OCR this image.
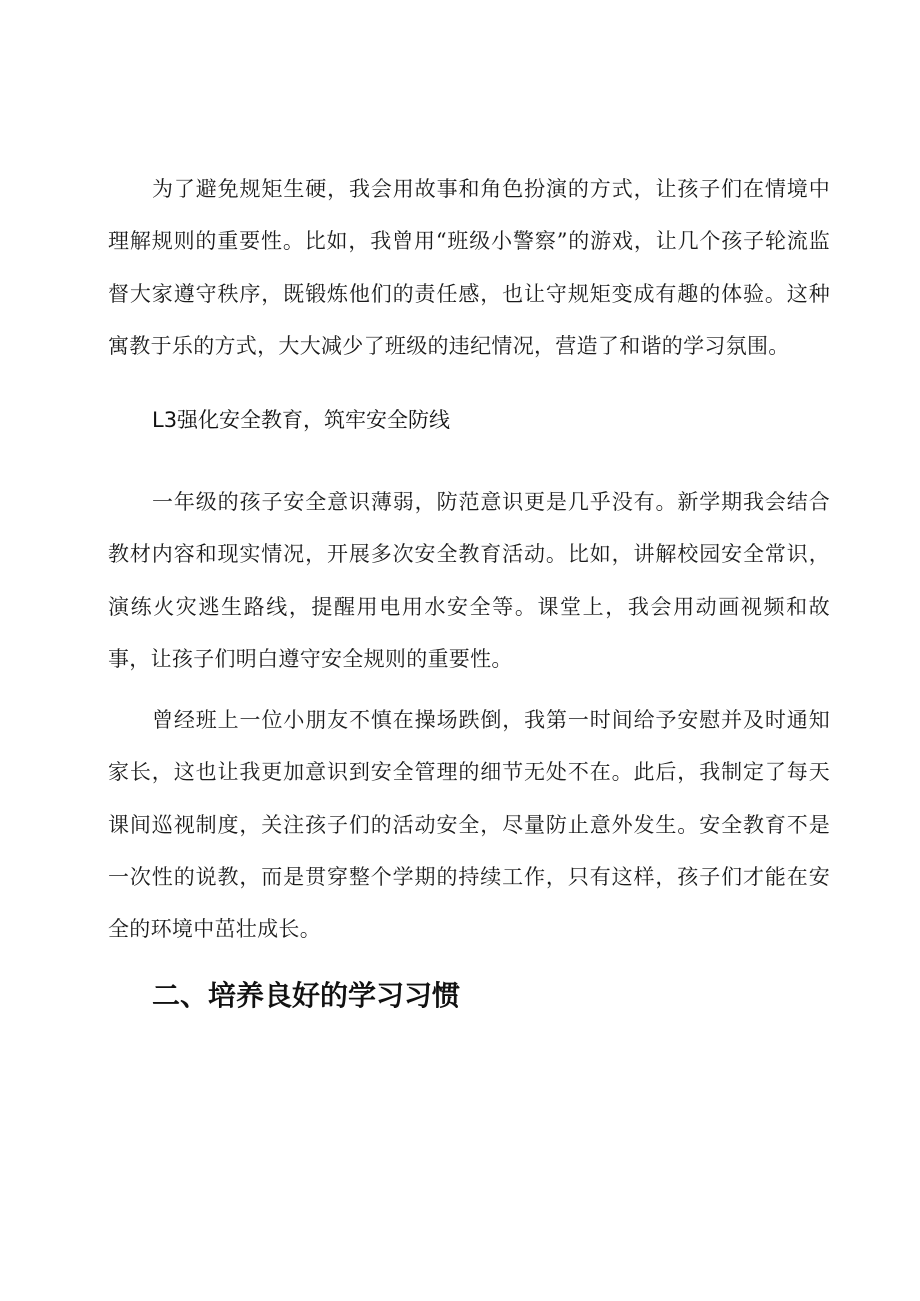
为了避免规矩生硬，我会用故事和角色扮演的方式，让孩子们在情境中理解规则的重要性。比如，我曾用“班级小警察”的游戏，让几个孩子轮流监督大家遵守秩序，既锻炼他们的责任感，也让守规矩变成有趣的体验。这种寓教于乐的方式，大大减少了班级的违纪情况，营造了和谐的学习氛围。

L3强化安全教育，筑牢安全防线

一年级的孩子安全意识薄弱，防范意识更是几乎没有。新学期我会结合教材内容和现实情况，开展多次安全教育活动。比如，讲解校园安全常识，演练火灾逃生路线，提醒用电用水安全等。课堂上，我会用动画视频和故事，让孩子们明白遵守安全规则的重要性。

曾经班上一位小朋友不慎在操场跌倒，我第一时间给予安慰并及时通知家长，这也让我更加意识到安全管理的细节无处不在。此后，我制定了每天课间巡视制度，关注孩子们的活动安全，尽量防止意外发生。安全教育不是一次性的说教，而是贯穿整个学期的持续工作，只有这样，孩子们才能在安全的环境中茁壮成长。

二、培养良好的学习习惯
